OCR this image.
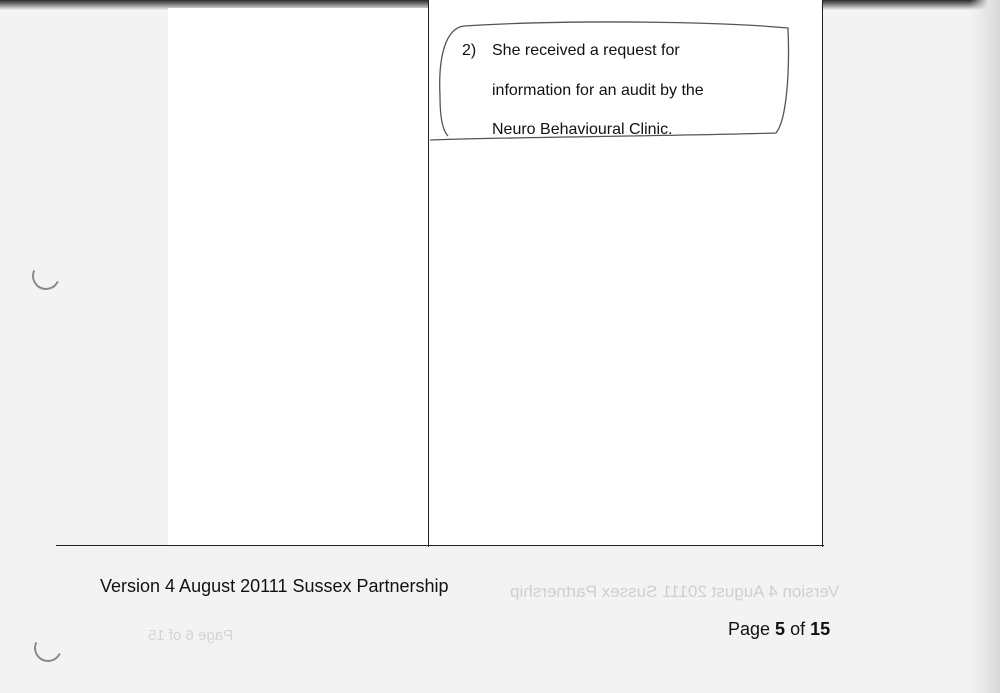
2) She received a request for
information for an audit by the
Neuro Behavioural Clinic.
Version 4 August 20111 Sussex Partnership
Page 6 of 15
Version 4 August 20111 Sussex Partnership
Page 5 of 15
